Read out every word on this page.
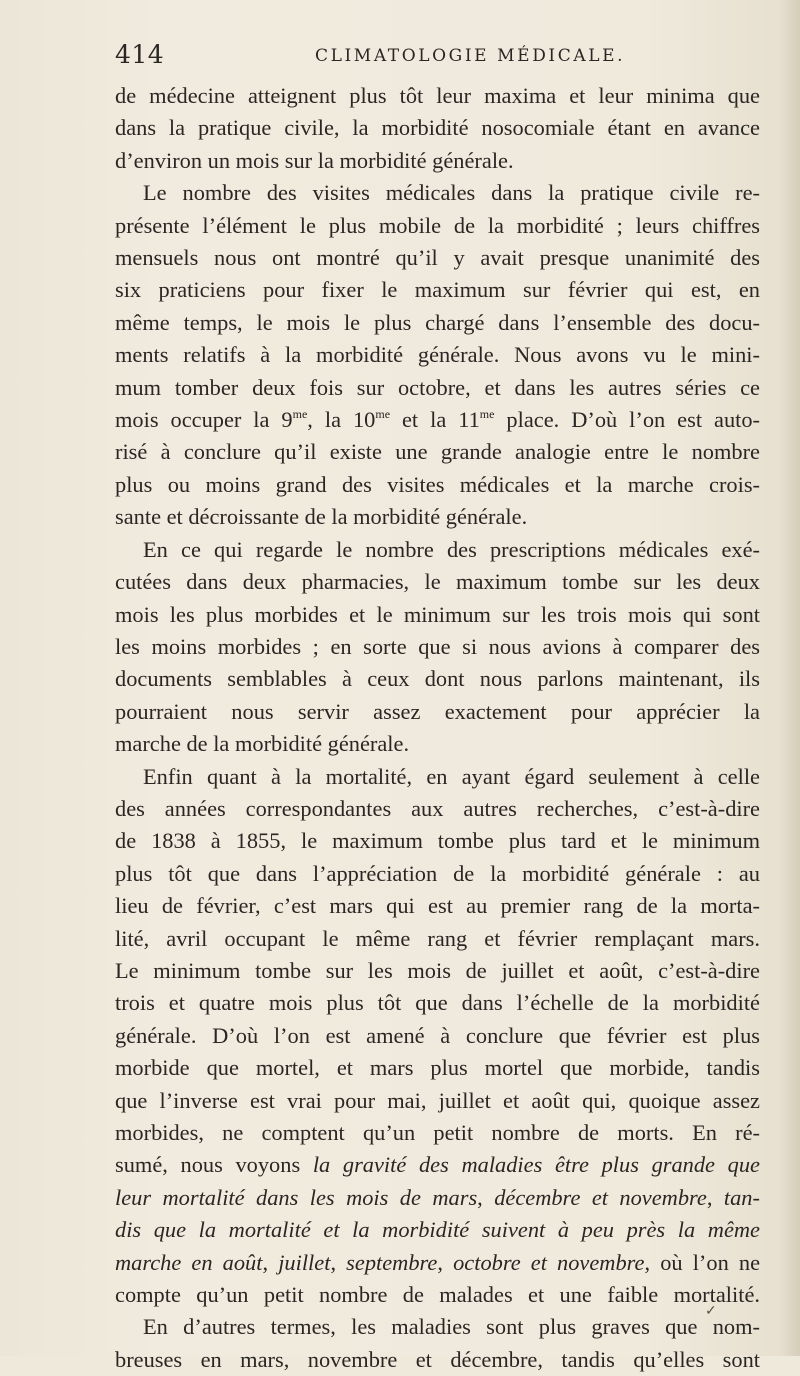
414	CLIMATOLOGIE MÉDICALE.
de médecine atteignent plus tôt leur maxima et leur minima que
dans la pratique civile, la morbidité nosocomiale étant en avance
d’environ un mois sur la morbidité générale.
Le nombre des visites médicales dans la pratique civile re-
présente l’élément le plus mobile de la morbidité ; leurs chiffres
mensuels nous ont montré qu’il y avait presque unanimité des
six praticiens pour fixer le maximum sur février qui est, en
même temps, le mois le plus chargé dans l’ensemble des docu-
ments relatifs à la morbidité générale. Nous avons vu le mini-
mum tomber deux fois sur octobre, et dans les autres séries ce
mois occuper la $9^{me}$, la $10^{me}$ et la $11^{me}$ place. D’où l’on est auto-
risé à conclure qu’il existe une grande analogie entre le nombre
plus ou moins grand des visites médicales et la marche crois-
sante et décroissante de la morbidité générale.
En ce qui regarde le nombre des prescriptions médicales exé-
cutées dans deux pharmacies, le maximum tombe sur les deux
mois les plus morbides et le minimum sur les trois mois qui sont
les moins morbides ; en sorte que si nous avions à comparer des
documents semblables à ceux dont nous parlons maintenant, ils
pourraient nous servir assez exactement pour apprécier la
marche de la morbidité générale.
Enfin quant à la mortalité, en ayant égard seulement à celle
des années correspondantes aux autres recherches, c’est-à-dire
de 1838 à 1855, le maximum tombe plus tard et le minimum
plus tôt que dans l’appréciation de la morbidité générale : au
lieu de février, c’est mars qui est au premier rang de la morta-
lité, avril occupant le même rang et février remplaçant mars.
Le minimum tombe sur les mois de juillet et août, c’est-à-dire
trois et quatre mois plus tôt que dans l’échelle de la morbidité
générale. D’où l’on est amené à conclure que février est plus
morbide que mortel, et mars plus mortel que morbide, tandis
que l’inverse est vrai pour mai, juillet et août qui, quoique assez
morbides, ne comptent qu’un petit nombre de morts. En ré-
sumé, nous voyons la gravité des maladies être plus grande que
leur mortalité dans les mois de mars, décembre et novembre, tan-
dis que la mortalité et la morbidité suivent à peu près la même
marche en août, juillet, septembre, octobre et novembre, où l’on ne
compte qu’un petit nombre de malades et une faible mortalité.
En d’autres termes, les maladies sont plus graves que nom-
breuses en mars, novembre et décembre, tandis qu’elles sont
✓
